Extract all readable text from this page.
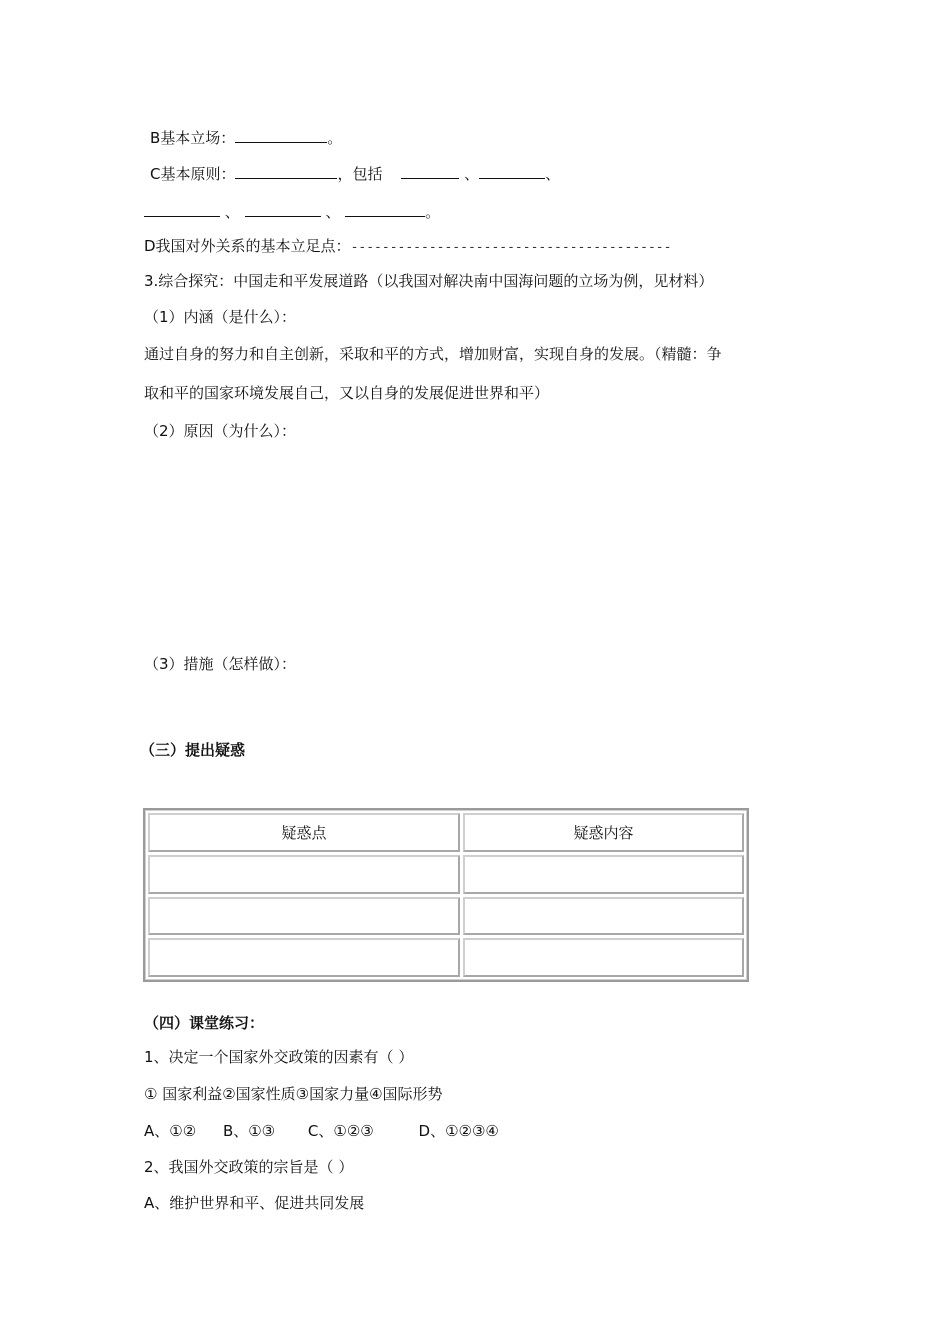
B基本立场：	。
C基本原则：	，包括	、	、
、	、	。
D我国对外关系的基本立足点：-----------------------------------------
3.综合探究：中国走和平发展道路（以我国对解决南中国海问题的立场为例，见材料）
（1）内涵（是什么）：
通过自身的努力和自主创新，采取和平的方式，增加财富，实现自身的发展。（精髓：争
取和平的国家环境发展自己，又以自身的发展促进世界和平）
（2）原因（为什么）：
（3）措施（怎样做）：
（三）提出疑惑
疑惑点	疑惑内容

（四）课堂练习：
1、决定一个国家外交政策的因素有（ ）
① 国家利益②国家性质③国家力量④国际形势
A、①② B、①③ C、①②③	D、①②③④
2、我国外交政策的宗旨是（ ）
A、维护世界和平、促进共同发展
